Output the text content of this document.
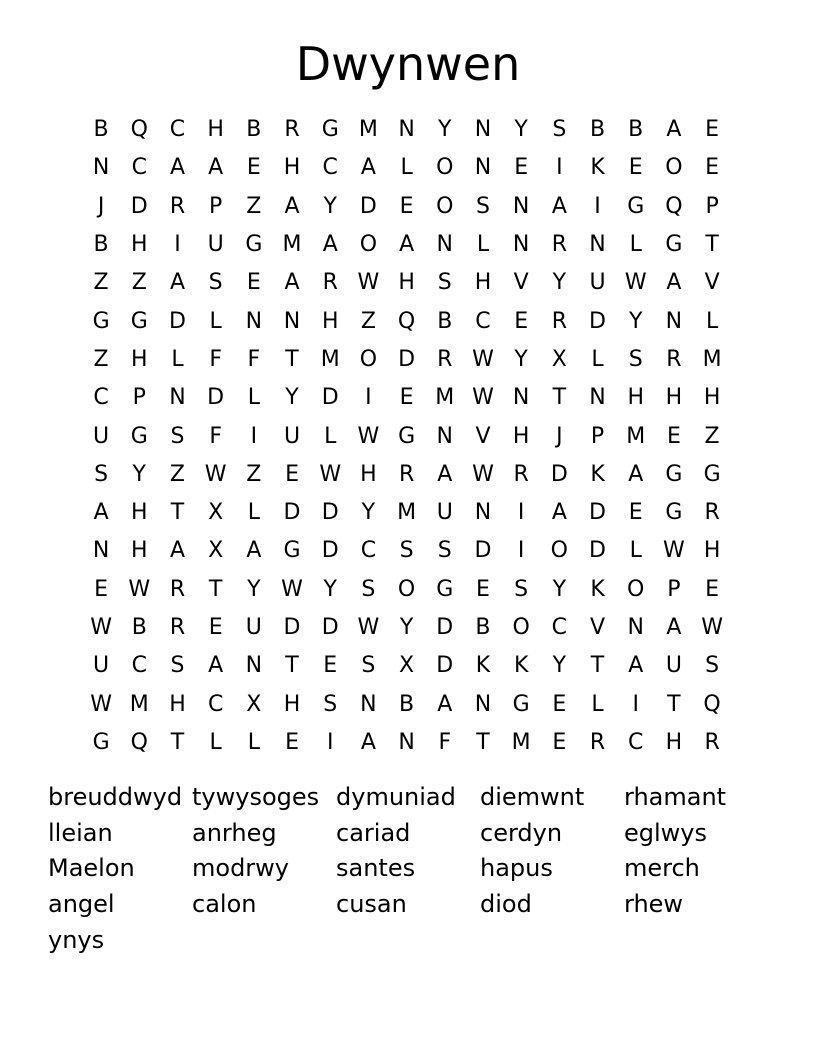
Dwynwen
B Q C	H	B	R	G M N	Y	N	Y	S	B	B	A	E
N	C	A	A	E	H	C	A	L	O N	E	I	K	E	O	E
J	D	R	P	Z	A	Y	D	E	O	S	N	A	I	G Q	P
B	H	I	U G M A O	A	N	L	N	R	N	L	G	T
Z	Z	A	S	E	A	R W H	S	H	V	Y	U W A	V
G G D	L	N N H	Z Q B	C	E	R	D	Y	N	L
Z	H	L	F	F	T M O D	R W Y	X	L	S	R M
C	P	N D	L	Y	D	I	E M W N	T	N H H H
U G	S	F	I	U	L W G N	V	H	J	P	M E	Z
S	Y	Z W Z	E W H	R	A W R	D	K	A	G G
A	H	T	X	L	D D	Y M U N	I	A	D	E	G	R
N H	A	X	A	G D	C	S	S	D	I	O D	L W H
E W R	T	Y W Y	S	O G	E	S	Y	K	O	P	E
W B	R	E	U D D W Y	D	B O C	V	N	A W
U	C	S	A	N	T	E	S	X	D	K	K	Y	T	A	U	S
W M H	C	X	H	S	N	B	A	N G	E	L	I	T	Q
G Q	T	L	L	E	I	A	N	F	T M E	R	C	H	R
breuddwyd tywysoges dymuniad	diemwnt	rhamant
lleian	anrheg	cariad	cerdyn	eglwys
Maelon	modrwy	santes	hapus	merch
angel	calon	cusan	diod	rhew
ynys
